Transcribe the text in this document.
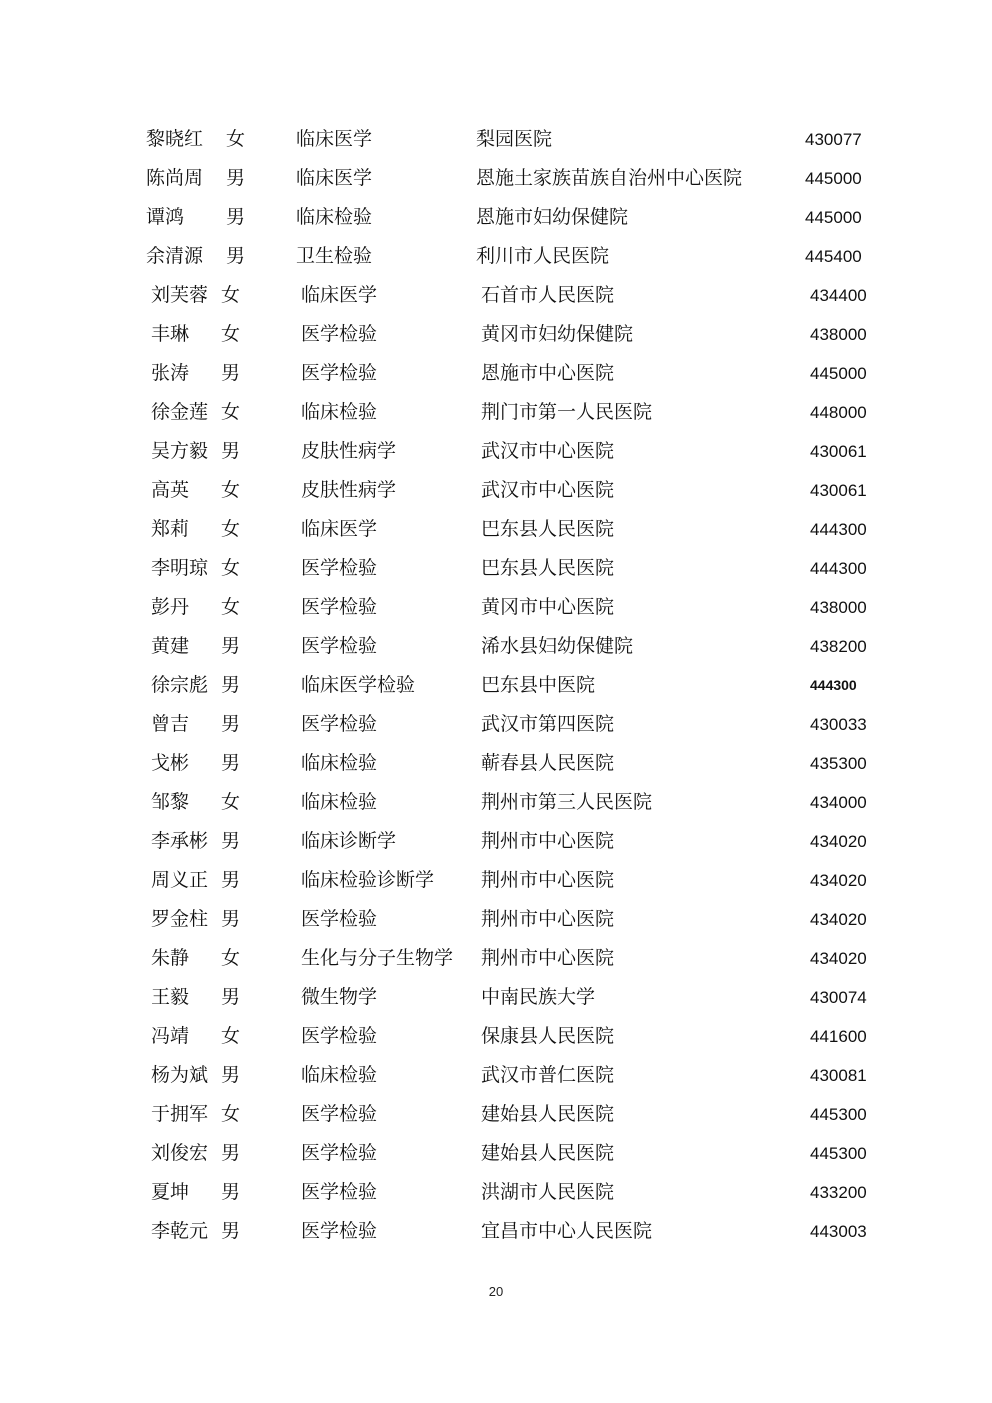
黎晓红 女	临床医学	梨园医院	430077
陈尚周 男	临床医学	恩施土家族苗族自治州中心医院	445000
谭鸿 男	临床检验	恩施市妇幼保健院	445000
余清源 男	卫生检验	利川市人民医院	445400
刘芙蓉 女	临床医学	石首市人民医院	434400
丰琳 女	医学检验	黄冈市妇幼保健院	438000
张涛 男	医学检验	恩施市中心医院	445000
徐金莲 女	临床检验	荆门市第一人民医院	448000
吴方毅 男	皮肤性病学	武汉市中心医院	430061
高英 女	皮肤性病学	武汉市中心医院	430061
郑莉 女	临床医学	巴东县人民医院	444300
李明琼 女	医学检验	巴东县人民医院	444300
彭丹 女	医学检验	黄冈市中心医院	438000
黄建 男	医学检验	浠水县妇幼保健院	438200
徐宗彪 男	临床医学检验	巴东县中医院	444300
曾吉 男	医学检验	武汉市第四医院	430033
戈彬 男	临床检验	蕲春县人民医院	435300
邹黎 女	临床检验	荆州市第三人民医院	434000
李承彬 男	临床诊断学	荆州市中心医院	434020
周义正 男	临床检验诊断学 荆州市中心医院	434020
罗金柱 男	医学检验	荆州市中心医院	434020
朱静 女	生化与分子生物学 荆州市中心医院	434020
王毅 男	微生物学	中南民族大学	430074
冯靖 女	医学检验	保康县人民医院	441600
杨为斌 男	临床检验	武汉市普仁医院	430081
于拥军 女	医学检验	建始县人民医院	445300
刘俊宏 男	医学检验	建始县人民医院	445300
夏坤 男	医学检验	洪湖市人民医院	433200
李乾元 男	医学检验	宜昌市中心人民医院	443003
20
